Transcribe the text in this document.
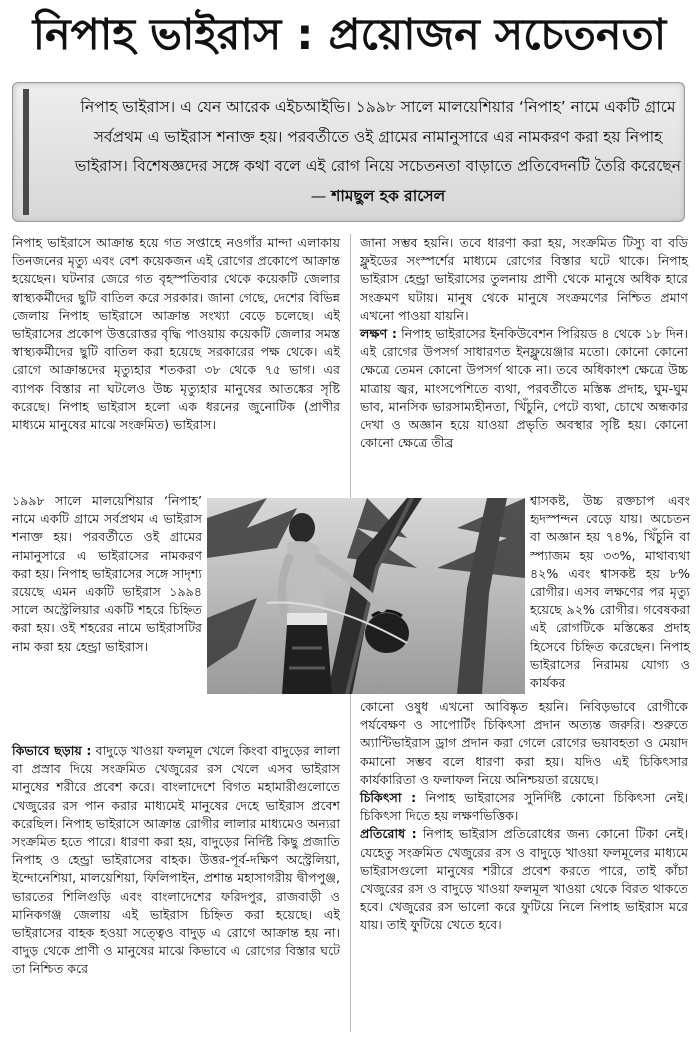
নিপাহ ভাইরাস : প্রয়োজন সচেতনতা
নিপাহ ভাইরাস। এ যেন আরেক এইচআইভি। ১৯৯৮ সালে মালয়েশিয়ার ‘নিপাহ’ নামে একটি গ্রামে সর্বপ্রথম এ ভাইরাস শনাক্ত হয়। পরবর্তীতে ওই গ্রামের নামানুসারে এর নামকরণ করা হয় নিপাহ ভাইরাস। বিশেষজ্ঞদের সঙ্গে কথা বলে এই রোগ নিয়ে সচেতনতা বাড়াতে প্রতিবেদনটি তৈরি করেছেন— শামছুল হক রাসেল

নিপাহ ভাইরাসে আক্রান্ত হয়ে গত সপ্তাহে নওগাঁর মান্দা এলাকায় তিনজনের মৃত্যু এবং বেশ কয়েকজন এই রোগের প্রকোপে আক্রান্ত হয়েছেন। ঘটনার জেরে গত বৃহস্পতিবার থেকে কয়েকটি জেলার স্বাস্থ্যকর্মীদের ছুটি বাতিল করে সরকার। জানা গেছে, দেশের বিভিন্ন জেলায় নিপাহ ভাইরাসে আক্রান্ত সংখ্যা বেড়ে চলেছে। এই ভাইরাসের প্রকোপ উত্তরোত্তর বৃদ্ধি পাওয়ায় কয়েকটি জেলার সমস্ত স্বাস্থ্যকর্মীদের ছুটি বাতিল করা হয়েছে সরকারের পক্ষ থেকে। এই রোগে আক্রান্তদের মৃত্যুহার শতকরা ৩৮ থেকে ৭৫ ভাগ। এর ব্যাপক বিস্তার না ঘটলেও উচ্চ মৃত্যুহার মানুষের আতঙ্কের সৃষ্টি করেছে। নিপাহ ভাইরাস হলো এক ধরনের জুনোটিক (প্রাণীর মাধ্যমে মানুষের মাঝে সংক্রমিত) ভাইরাস।

১৯৯৮ সালে মালয়েশিয়ার ‘নিপাহ’ নামে একটি গ্রামে সর্বপ্রথম এ ভাইরাস শনাক্ত হয়। পরবর্তীতে ওই গ্রামের নামানুসারে এ ভাইরাসের নামকরণ করা হয়। নিপাহ ভাইরাসের সঙ্গে সাদৃশ্য রয়েছে এমন একটি ভাইরাস ১৯৯৪ সালে অস্ট্রেলিয়ার একটি শহরে চিহ্নিত করা হয়। ওই শহরের নামে ভাইরাসটির নাম করা হয় হেন্ড্রা ভাইরাস।

কিভাবে ছড়ায় : বাদুড়ে খাওয়া ফলমূল খেলে কিংবা বাদুড়ের লালা বা প্রস্রাব দিয়ে সংক্রমিত খেজুরের রস খেলে এসব ভাইরাস মানুষের শরীরে প্রবেশ করে। বাংলাদেশে বিগত মহামারীগুলোতে খেজুরের রস পান করার মাধ্যমেই মানুষের দেহে ভাইরাস প্রবেশ করেছিল। নিপাহ ভাইরাসে আক্রান্ত রোগীর লালার মাধ্যমেও অন্যরা সংক্রমিত হতে পারে। ধারণা করা হয়, বাদুড়ের নির্দিষ্ট কিছু প্রজাতি নিপাহ ও হেন্ড্রা ভাইরাসের বাহক। উত্তর-পূর্ব-দক্ষিণ অস্ট্রেলিয়া, ইন্দোনেশিয়া, মালয়েশিয়া, ফিলিপাইন, প্রশান্ত মহাসাগরীয় দ্বীপপুঞ্জ, ভারতের শিলিগুড়ি এবং বাংলাদেশের ফরিদপুর, রাজবাড়ী ও মানিকগঞ্জ জেলায় এই ভাইরাস চিহ্নিত করা হয়েছে। এই ভাইরাসের বাহক হওয়া সত্ত্বেও বাদুড় এ রোগে আক্রান্ত হয় না। বাদুড় থেকে প্রাণী ও মানুষের মাঝে কিভাবে এ রোগের বিস্তার ঘটে তা নিশ্চিত করে

জানা সম্ভব হয়নি। তবে ধারণা করা হয়, সংক্রমিত টিস্যু বা বডি ফ্লুইডের সংস্পর্শের মাধ্যমে রোগের বিস্তার ঘটে থাকে। নিপাহ ভাইরাস হেন্ড্রা ভাইরাসের তুলনায় প্রাণী থেকে মানুষে অধিক হারে সংক্রমণ ঘটায়। মানুষ থেকে মানুষে সংক্রমণের নিশ্চিত প্রমাণ এখনো পাওয়া যায়নি।

লক্ষণ : নিপাহ ভাইরাসের ইনকিউবেশন পিরিয়ড ৪ থেকে ১৮ দিন। এই রোগের উপসর্গ সাধারণত ইনফ্লুয়েঞ্জার মতো। কোনো কোনো ক্ষেত্রে তেমন কোনো উপসর্গ থাকে না। তবে অধিকাংশ ক্ষেত্রে উচ্চ মাত্রায় জ্বর, মাংসপেশিতে ব্যথা, পরবর্তীতে মস্তিষ্ক প্রদাহ, ঘুম-ঘুম ভাব, মানসিক ভারসাম্যহীনতা, খিঁচুনি, পেটে ব্যথা, চোখে অন্ধকার দেখা ও অজ্ঞান হয়ে যাওয়া প্রভৃতি অবস্থার সৃষ্টি হয়। কোনো কোনো ক্ষেত্রে তীব্র

শ্বাসকষ্ট, উচ্চ রক্তচাপ এবং হৃদস্পন্দন বেড়ে যায়। অচেতন বা অজ্ঞান হয় ৭৪%, খিঁচুনি বা স্প্যাজম হয় ৩৩%, মাথাব্যথা ৪২% এবং শ্বাসকষ্ট হয় ৮% রোগীর। এসব লক্ষণের পর মৃত্যু হয়েছে ৯২% রোগীর। গবেষকরা এই রোগটিকে মস্তিষ্কের প্রদাহ হিসেবে চিহ্নিত করেছেন। নিপাহ ভাইরাসের নিরাময় যোগ্য ও কার্যকর

কোনো ওষুধ এখনো আবিষ্কৃত হয়নি। নিবিড়ভাবে রোগীকে পর্যবেক্ষণ ও সাপোর্টিং চিকিৎসা প্রদান অত্যন্ত জরুরি। শুরুতে অ্যান্টিভাইরাস ড্রাগ প্রদান করা গেলে রোগের ভয়াবহতা ও মেয়াদ কমানো সম্ভব বলে ধারণা করা হয়। যদিও এই চিকিৎসার কার্যকারিতা ও ফলাফল নিয়ে অনিশ্চয়তা রয়েছে।

চিকিৎসা : নিপাহ ভাইরাসের সুনির্দিষ্ট কোনো চিকিৎসা নেই। চিকিৎসা দিতে হয় লক্ষণভিত্তিক।

প্রতিরোধ : নিপাহ ভাইরাস প্রতিরোধের জন্য কোনো টিকা নেই। যেহেতু সংক্রমিত খেজুরের রস ও বাদুড়ে খাওয়া ফলমূলের মাধ্যমে ভাইরাসগুলো মানুষের শরীরে প্রবেশ করতে পারে, তাই কাঁচা খেজুরের রস ও বাদুড়ে খাওয়া ফলমূল খাওয়া থেকে বিরত থাকতে হবে। খেজুরের রস ভালো করে ফুটিয়ে নিলে নিপাহ ভাইরাস মরে যায়। তাই ফুটিয়ে খেতে হবে।
